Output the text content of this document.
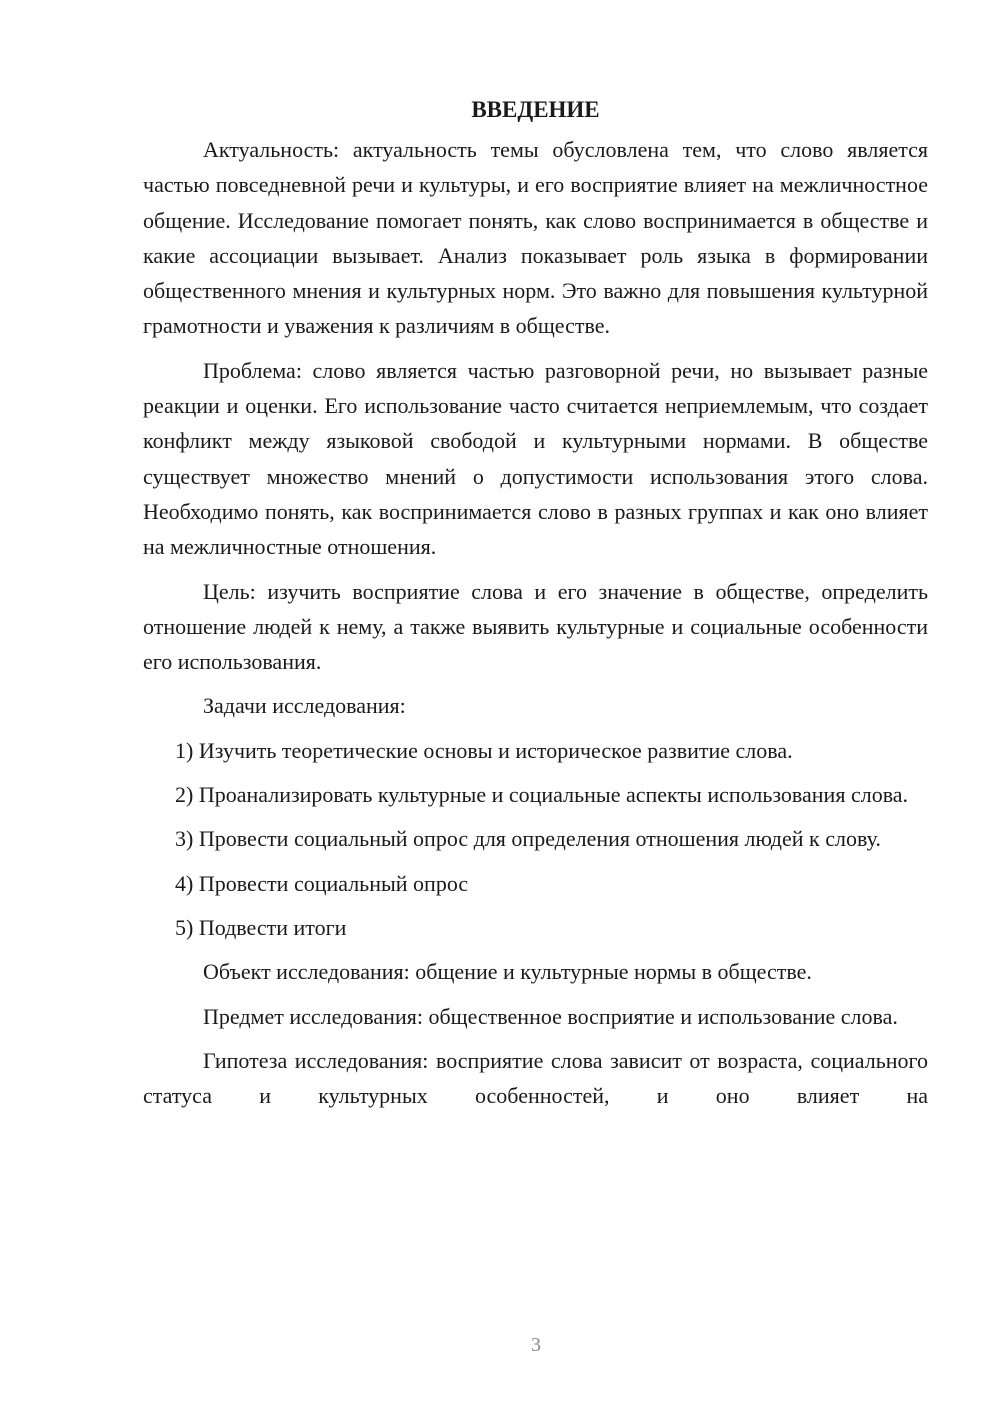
ВВЕДЕНИЕ

Актуальность: актуальность темы обусловлена тем, что слово является частью повседневной речи и культуры, и его восприятие влияет на межличностное общение. Исследование помогает понять, как слово воспринимается в обществе и какие ассоциации вызывает. Анализ показывает роль языка в формировании общественного мнения и культурных норм. Это важно для повышения культурной грамотности и уважения к различиям в обществе.

Проблема: слово является частью разговорной речи, но вызывает разные реакции и оценки. Его использование часто считается неприемлемым, что создает конфликт между языковой свободой и культурными нормами. В обществе существует множество мнений о допустимости использования этого слова. Необходимо понять, как воспринимается слово в разных группах и как оно влияет на межличностные отношения.

Цель: изучить восприятие слова и его значение в обществе, определить отношение людей к нему, а также выявить культурные и социальные особенности его использования.

Задачи исследования:

1) Изучить теоретические основы и историческое развитие слова.

2) Проанализировать культурные и социальные аспекты использования слова.

3) Провести социальный опрос для определения отношения людей к слову.

4) Провести социальный опрос

5) Подвести итоги

Объект исследования: общение и культурные нормы в обществе.

Предмет исследования: общественное восприятие и использование слова.

Гипотеза исследования: восприятие слова зависит от возраста, социального статуса и культурных особенностей, и оно влияет на

3
